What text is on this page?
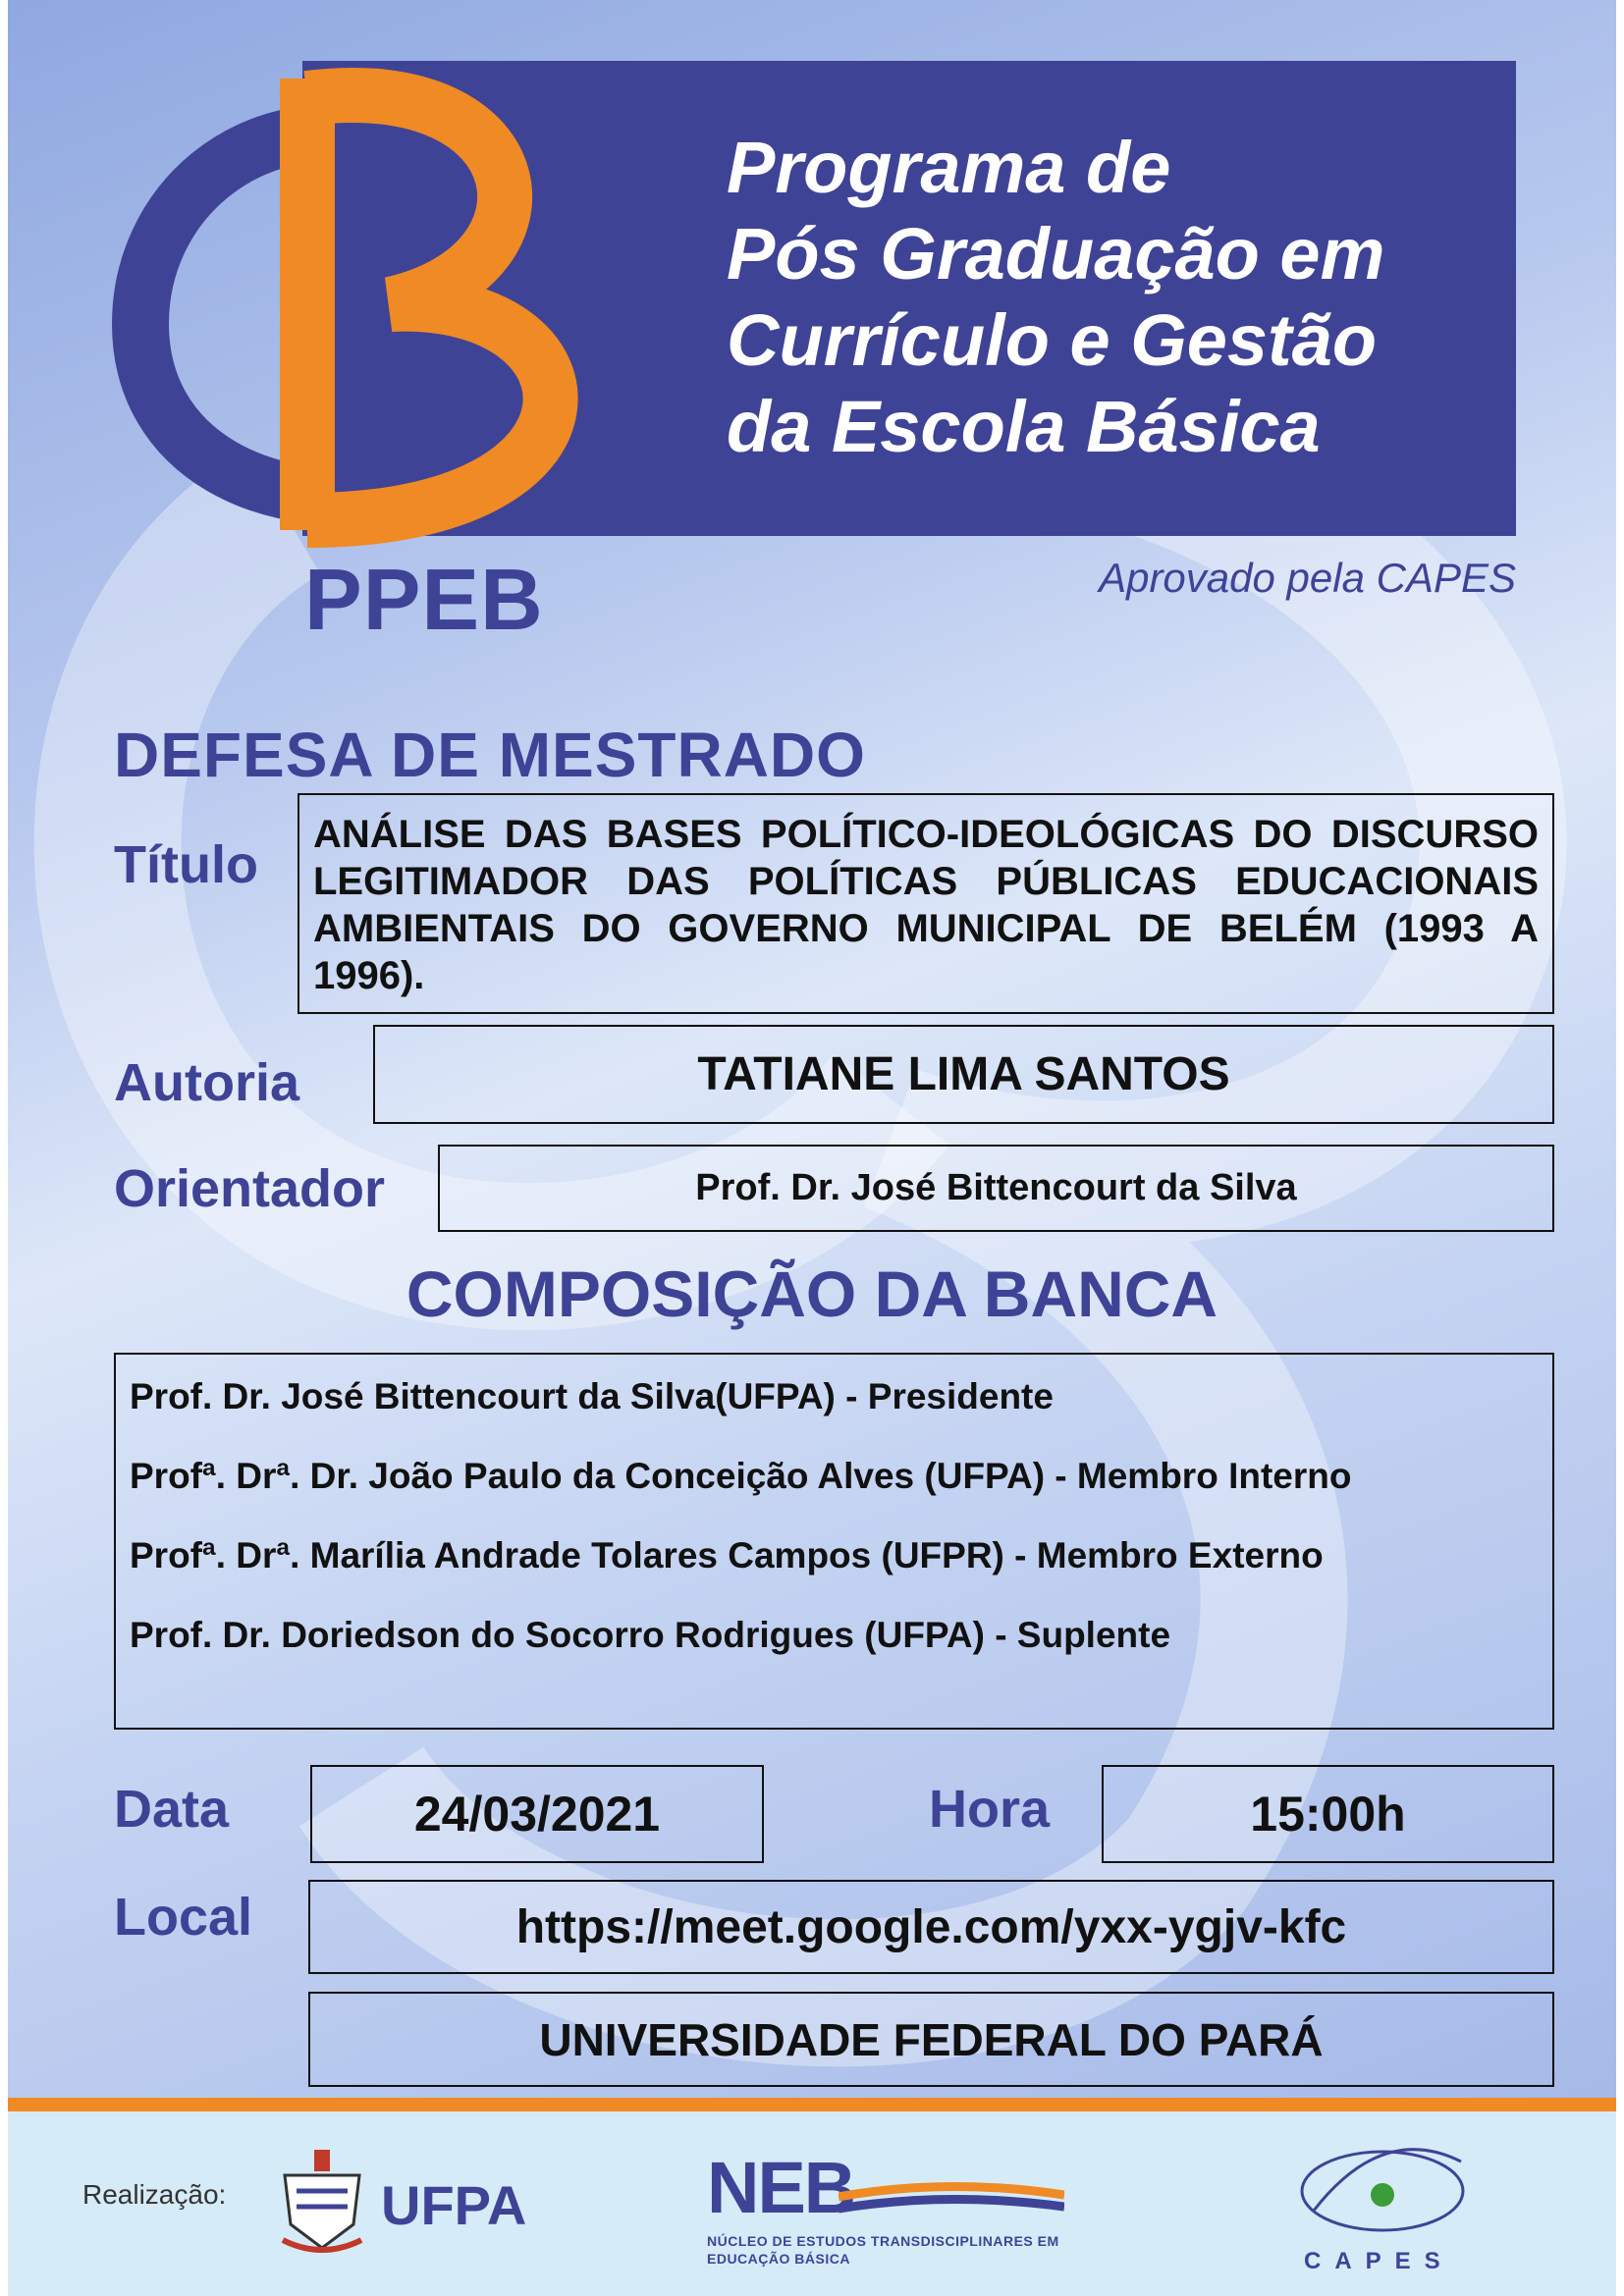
Programa de
Pós Graduação em
Currículo e Gestão
da Escola Básica
PPEB	Aprovado pela CAPES
DEFESA DE MESTRADO
Título

ANÁLISE DAS BASES POLÍTICO-IDEOLÓGICAS DO DISCURSO LEGITIMADOR DAS POLÍTICAS PÚBLICAS EDUCACIONAIS AMBIENTAIS DO GOVERNO MUNICIPAL DE BELÉM (1993 A 1996).

Autoria	TATIANE LIMA SANTOS
Orientador	Prof. Dr. José Bittencourt da Silva
COMPOSIÇÃO DA BANCA
Prof. Dr. José Bittencourt da Silva(UFPA) - Presidente
Profª. Drª. Dr. João Paulo da Conceição Alves (UFPA) - Membro Interno
Profª. Drª. Marília Andrade Tolares Campos (UFPR) - Membro Externo
Prof. Dr. Doriedson do Socorro Rodrigues (UFPA) - Suplente
Data	24/03/2021	Hora	15:00h
Local	https://meet.google.com/yxx-ygjv-kfc
UNIVERSIDADE FEDERAL DO PARÁ
Realização:	UFPA NEB
NÚCLEO DE ESTUDOS TRANSDISCIPLINARES EM
EDUCAÇÃO BÁSICA	CAPES
